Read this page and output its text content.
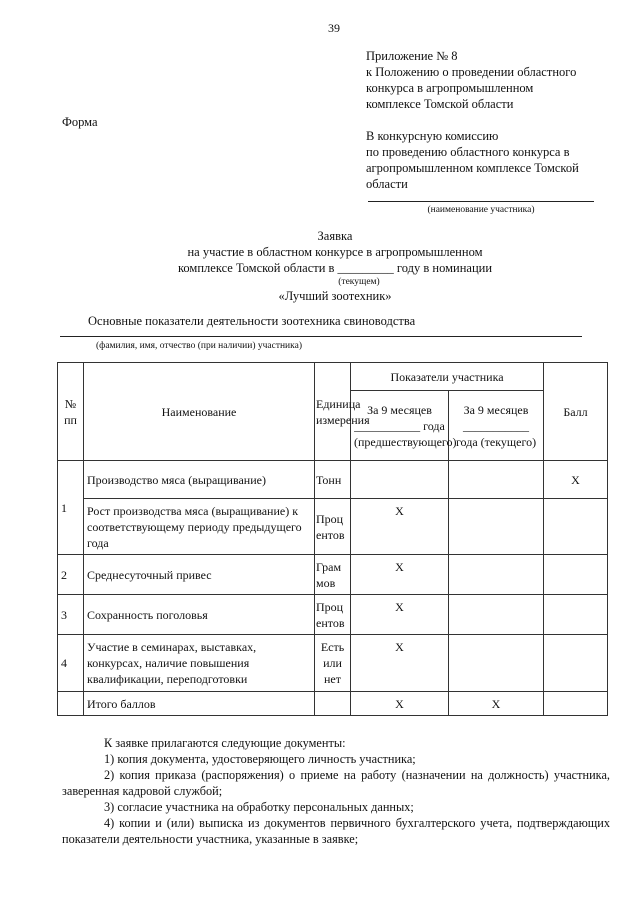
39
Приложение № 8
к Положению о проведении областного
конкурса в агропромышленном
комплексе Томской области
Форма
В конкурсную комиссию
по проведению областного конкурса в
агропромышленном комплексе Томской
области
(наименование участника)
Заявка
на участие в областном конкурсе в агропромышленном
комплексе Томской области в _________ году в номинации
(текущем)
«Лучший зоотехник»
Основные показатели деятельности зоотехника свиноводства
(фамилия, имя, отчество (при наличии) участника)
№ пп	Наименование	Единица измерения	Показатели участника		Балл
			За 9 месяцев ___________ года (предшествующего)	За 9 месяцев ___________ года (текущего)	
1	Производство мяса (выращивание)	Тонн			Х
	Рост производства мяса (выращивание) к соответствующему периоду предыдущего года	Проц ентов	Х		
2	Среднесуточный привес	Грам мов	Х		
3	Сохранность поголовья	Проц ентов	Х		
4	Участие в семинарах, выставках, конкурсах, наличие повышения квалификации, переподготовки	Есть или нет	Х		
	Итого баллов		Х	Х	
К заявке прилагаются следующие документы:
1) копия документа, удостоверяющего личность участника;
2) копия приказа (распоряжения) о приеме на работу (назначении на должность) участника, заверенная кадровой службой;
3) согласие участника на обработку персональных данных;
4) копии и (или) выписка из документов первичного бухгалтерского учета, подтверждающих показатели деятельности участника, указанные в заявке;
